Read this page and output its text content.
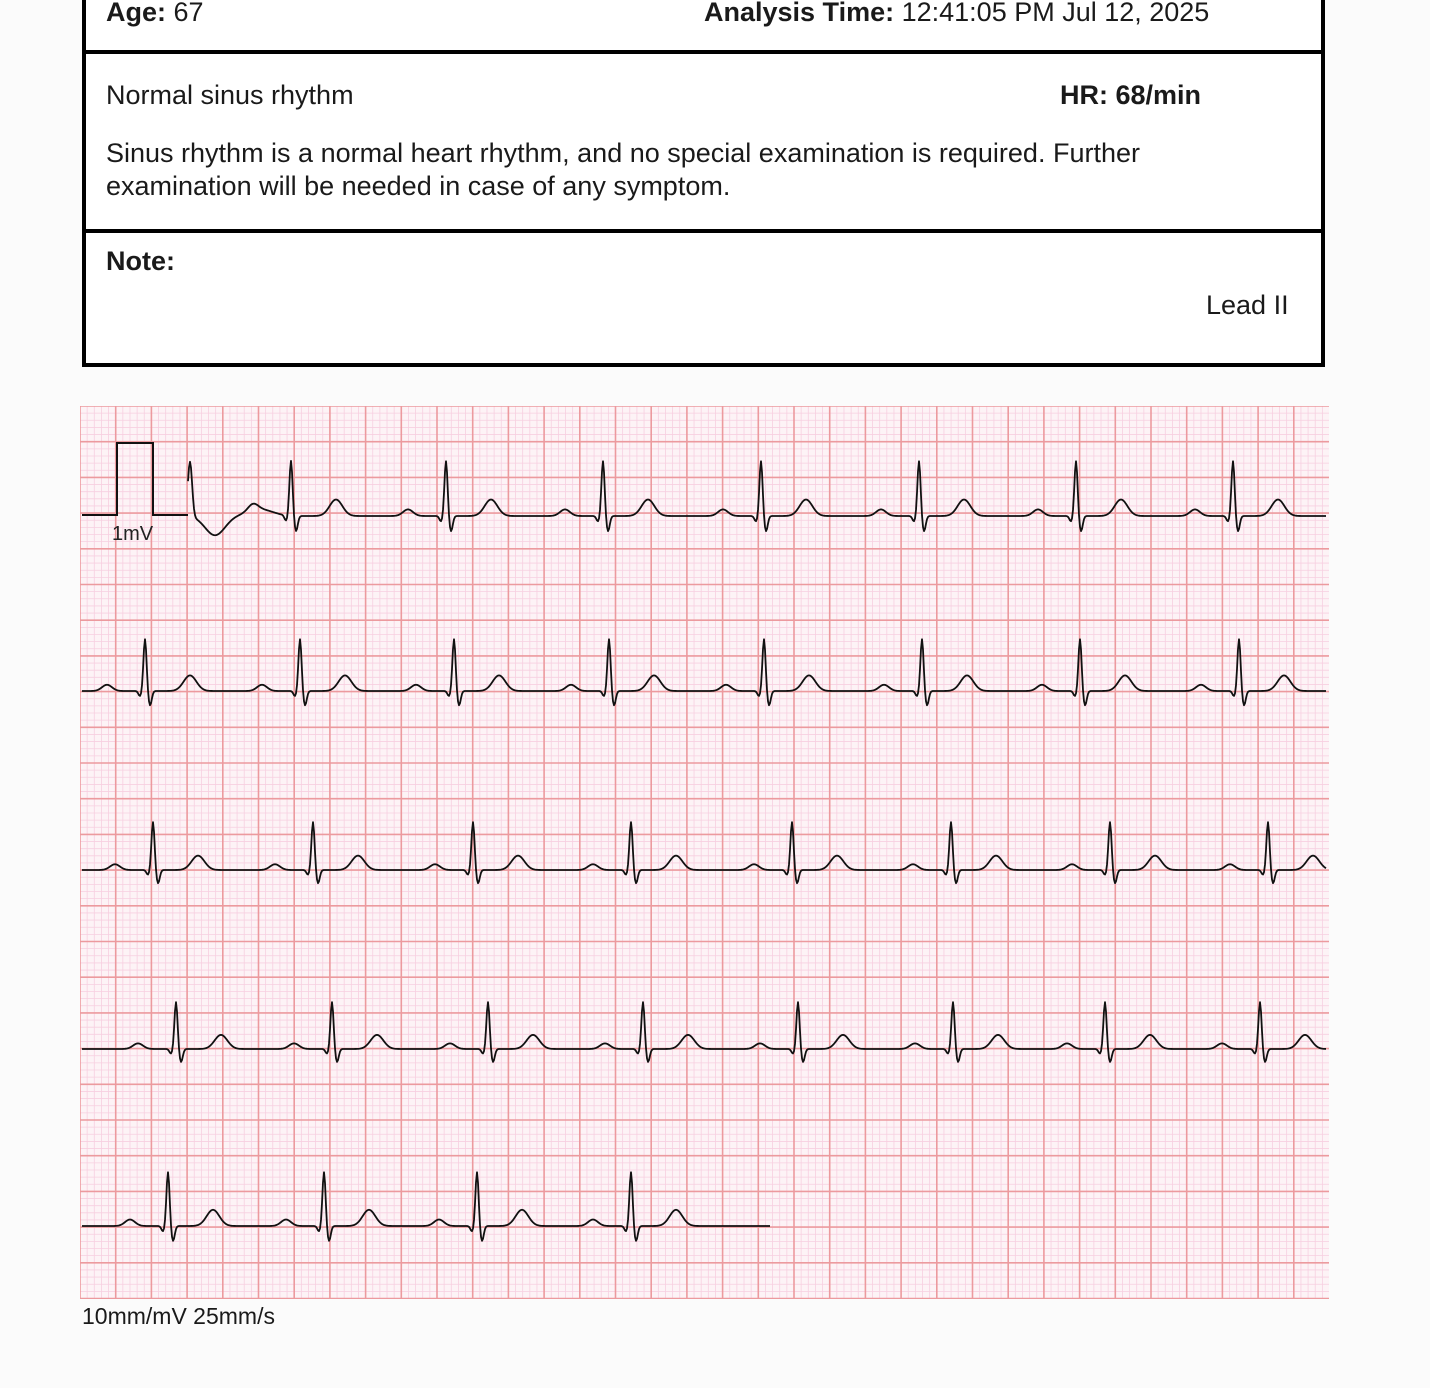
Age: 67	Analysis Time: 12:41:05 PM Jul 12, 2025
Normal sinus rhythm	HR: 68/min
Sinus rhythm is a normal heart rhythm, and no special examination is required. Further examination will be needed in case of any symptom.
Note:
Lead II
1mV
10mm/mV 25mm/s
